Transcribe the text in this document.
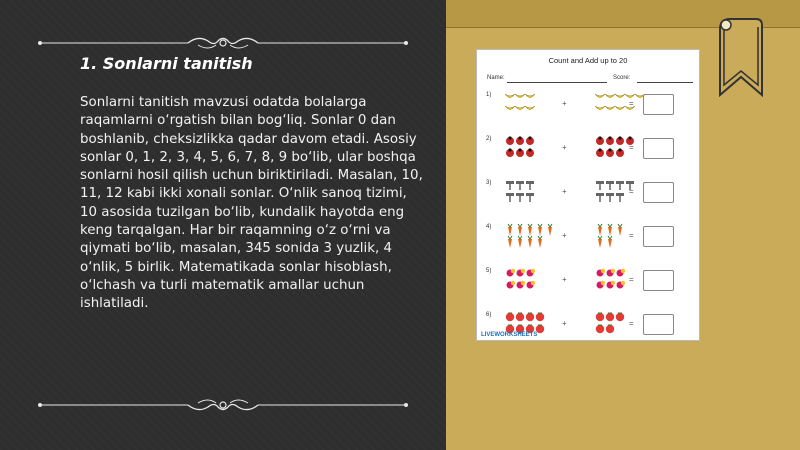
1. Sonlarni tanitish
Sonlarni tanitish mavzusi odatda bolalarga raqamlarni o‘rgatish bilan bog‘liq. Sonlar 0 dan boshlanib, cheksizlikka qadar davom etadi. Asosiy sonlar 0, 1, 2, 3, 4, 5, 6, 7, 8, 9 bo‘lib, ular boshqa sonlarni hosil qilish uchun biriktiriladi. Masalan, 10, 11, 12 kabi ikki xonali sonlar. O‘nlik sanoq tizimi, 10 asosida tuzilgan bo‘lib, kundalik hayotda eng keng tarqalgan. Har bir raqamning o‘z o‘rni va qiymati bo‘lib, masalan, 345 sonida 3 yuzlik, 4 o‘nlik, 5 birlik. Matematikada sonlar hisoblash, o‘lchash va turli matematik amallar uchun ishlatiladi.
Count and Add up to 20
Name:	Score:
1)
+	=
2)
+	=
3)
+	=
4)
+	=
5)
+	=
6)
+	=
LIVEWORKSHEETS
